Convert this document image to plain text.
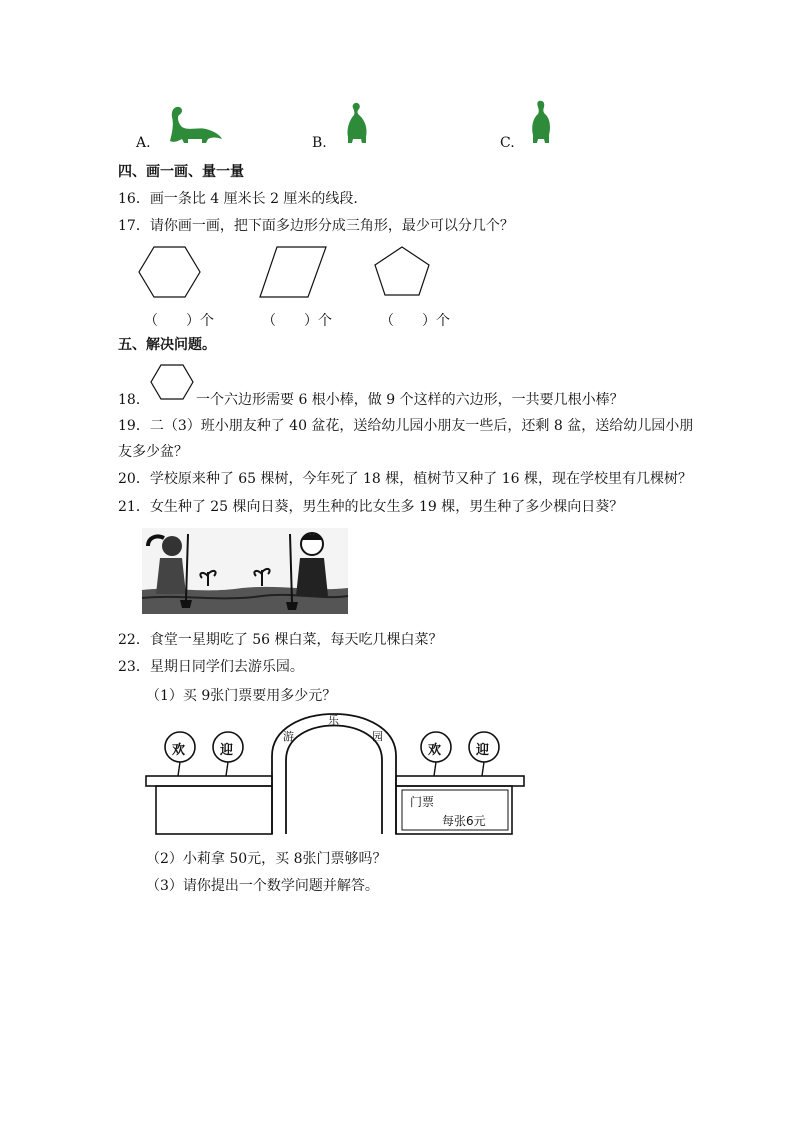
A.	B.	C.
四、画一画、量一量
16．画一条比 4 厘米长 2 厘米的线段.
17．请你画一画，把下面多边形分成三角形，最少可以分几个？
（　　）个	（　　）个	（　　）个
五、解决问题。
18．	一个六边形需要 6 根小棒，做 9 个这样的六边形，一共要几根小棒？
19．二（3）班小朋友种了 40 盆花，送给幼儿园小朋友一些后，还剩 8 盆，送给幼儿园小朋
友多少盆？
20．学校原来种了 65 棵树，今年死了 18 棵，植树节又种了 16 棵，现在学校里有几棵树？
21．女生种了 25 棵向日葵，男生种的比女生多 19 棵，男生种了多少棵向日葵？
22．食堂一星期吃了 56 棵白菜，每天吃几棵白菜？
23．星期日同学们去游乐园。
（1）买 9张门票要用多少元？
欢	迎	欢	迎
游
乐
园
门票
每张6元
（2）小莉拿 50元，买 8张门票够吗？
（3）请你提出一个数学问题并解答。
